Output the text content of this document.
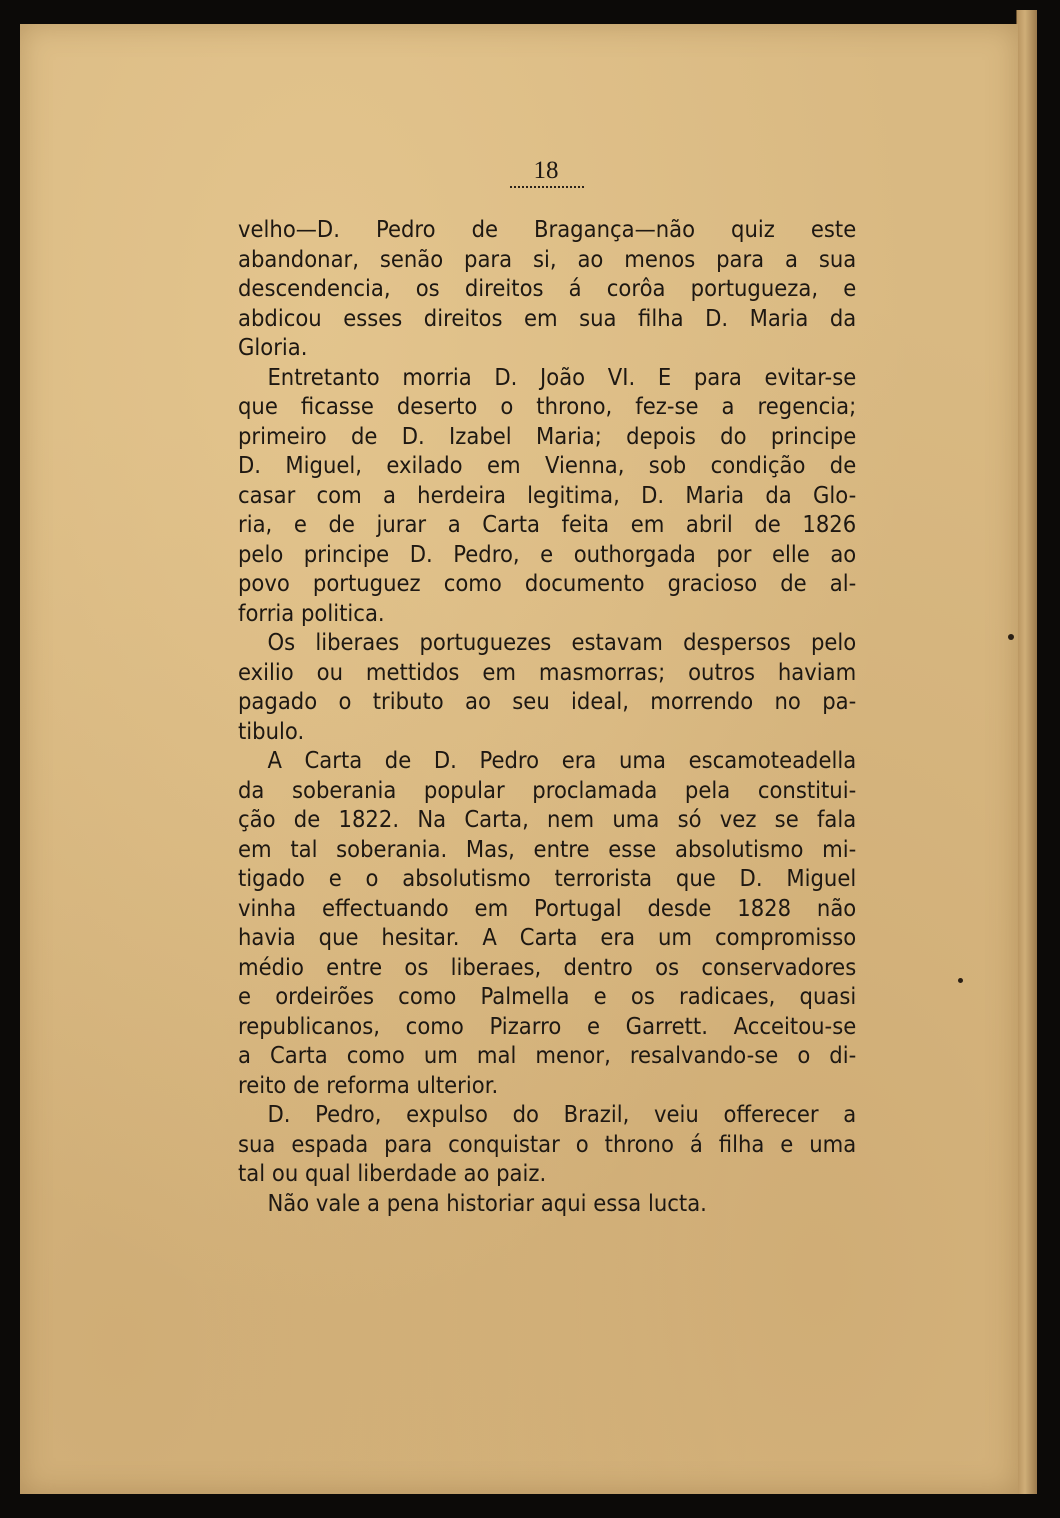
18
velho—D. Pedro de Bragança—não quiz este
abandonar, senão para si, ao menos para a sua
descendencia, os direitos á corôa portugueza, e
abdicou esses direitos em sua filha D. Maria da
Gloria.
Entretanto morria D. João VI. E para evitar-se
que ficasse deserto o throno, fez-se a regencia;
primeiro de D. Izabel Maria; depois do principe
D. Miguel, exilado em Vienna, sob condição de
casar com a herdeira legitima, D. Maria da Glo-
ria, e de jurar a Carta feita em abril de 1826
pelo principe D. Pedro, e outhorgada por elle ao
povo portuguez como documento gracioso de al-
forria politica.
Os liberaes portuguezes estavam despersos pelo
exilio ou mettidos em masmorras; outros haviam
pagado o tributo ao seu ideal, morrendo no pa-
tibulo.
A Carta de D. Pedro era uma escamoteadella
da soberania popular proclamada pela constitui-
ção de 1822. Na Carta, nem uma só vez se fala
em tal soberania. Mas, entre esse absolutismo mi-
tigado e o absolutismo terrorista que D. Miguel
vinha effectuando em Portugal desde 1828 não
havia que hesitar. A Carta era um compromisso
médio entre os liberaes, dentro os conservadores
e ordeirões como Palmella e os radicaes, quasi
republicanos, como Pizarro e Garrett. Acceitou-se
a Carta como um mal menor, resalvando-se o di-
reito de reforma ulterior.
D. Pedro, expulso do Brazil, veiu offerecer a
sua espada para conquistar o throno á filha e uma
tal ou qual liberdade ao paiz.
Não vale a pena historiar aqui essa lucta.
